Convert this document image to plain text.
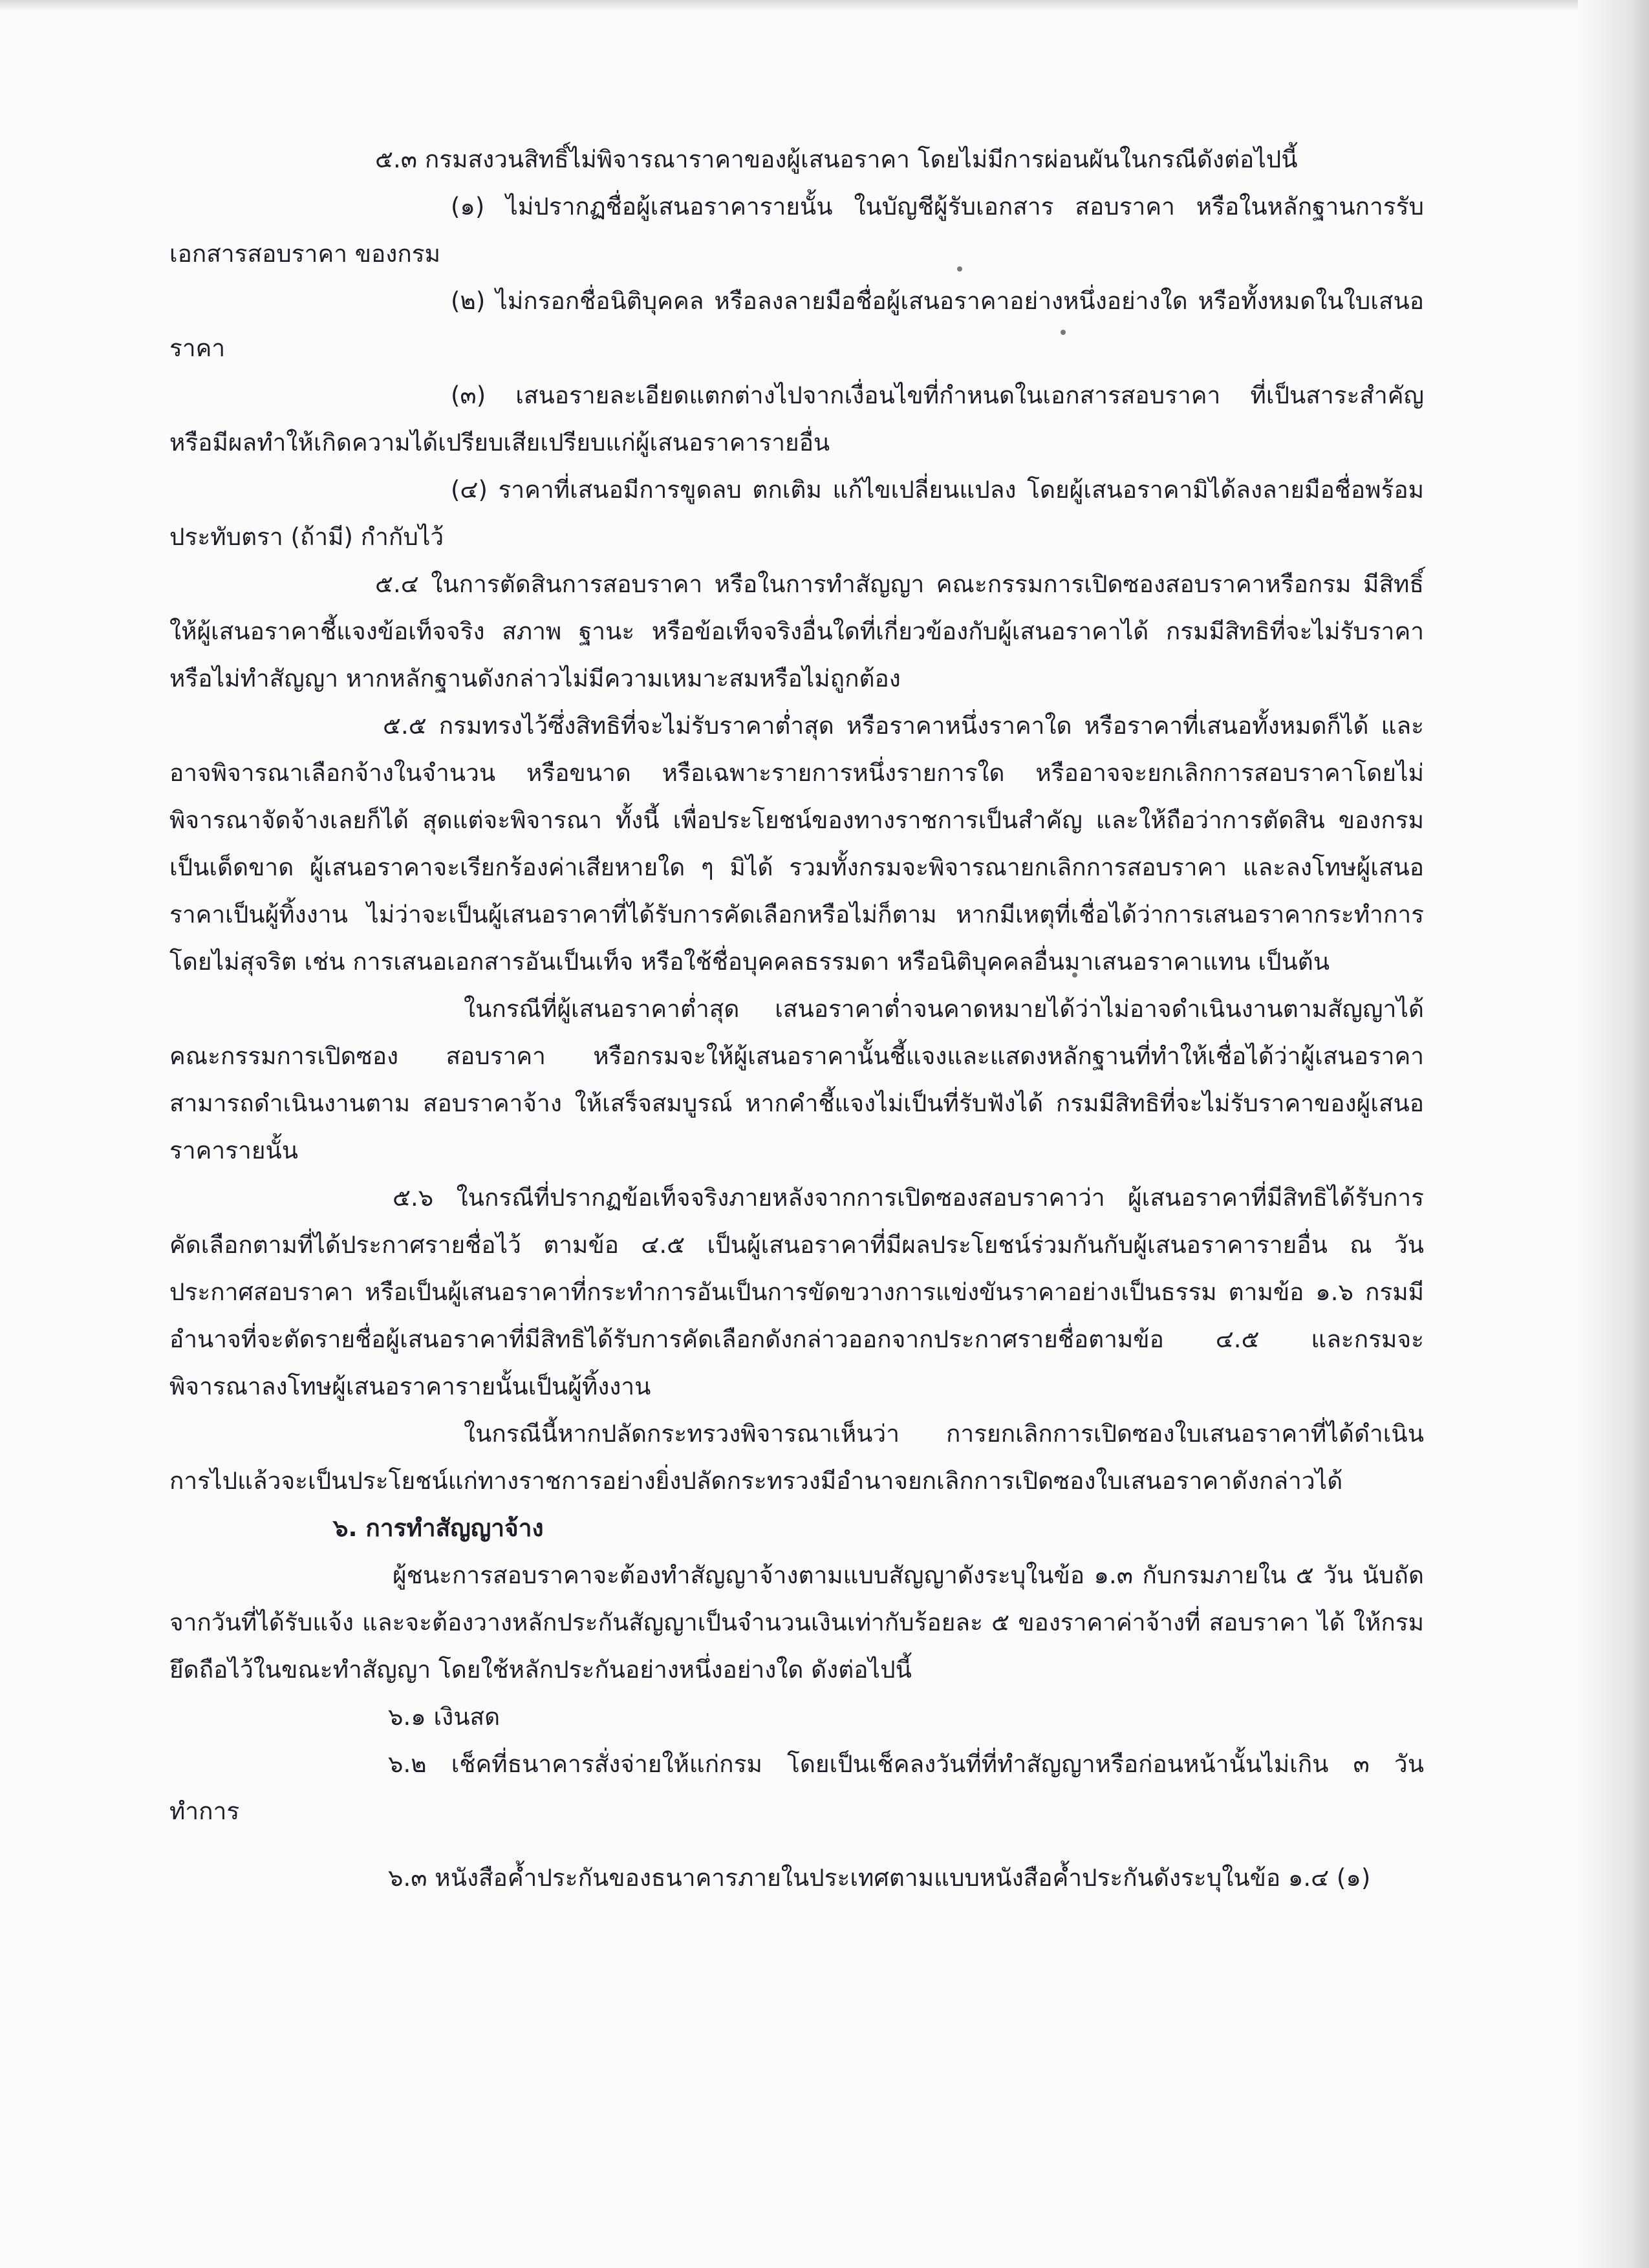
๕.๓ กรมสงวนสิทธิ์ไม่พิจารณาราคาของผู้เสนอราคา โดยไม่มีการผ่อนผันในกรณีดังต่อไปนี้

(๑) ไม่ปรากฏชื่อผู้เสนอราคารายนั้น ในบัญชีผู้รับเอกสาร สอบราคา หรือในหลักฐานการรับเอกสารสอบราคา ของกรม

(๒) ไม่กรอกชื่อนิติบุคคล หรือลงลายมือชื่อผู้เสนอราคาอย่างหนึ่งอย่างใด หรือทั้งหมดในใบเสนอราคา

(๓) เสนอรายละเอียดแตกต่างไปจากเงื่อนไขที่กำหนดในเอกสารสอบราคา ที่เป็นสาระสำคัญ หรือมีผลทำให้เกิดความได้เปรียบเสียเปรียบแก่ผู้เสนอราคารายอื่น

(๔) ราคาที่เสนอมีการขูดลบ ตกเติม แก้ไขเปลี่ยนแปลง โดยผู้เสนอราคามิได้ลงลายมือชื่อพร้อมประทับตรา (ถ้ามี) กำกับไว้

๕.๔ ในการตัดสินการสอบราคา หรือในการทำสัญญา คณะกรรมการเปิดซองสอบราคาหรือกรม มีสิทธิ์ให้ผู้เสนอราคาชี้แจงข้อเท็จจริง สภาพ ฐานะ หรือข้อเท็จจริงอื่นใดที่เกี่ยวข้องกับผู้เสนอราคาได้ กรมมีสิทธิที่จะไม่รับราคา หรือไม่ทำสัญญา หากหลักฐานดังกล่าวไม่มีความเหมาะสมหรือไม่ถูกต้อง

๕.๕ กรมทรงไว้ซึ่งสิทธิที่จะไม่รับราคาต่ำสุด หรือราคาหนึ่งราคาใด หรือราคาที่เสนอทั้งหมดก็ได้ และอาจพิจารณาเลือกจ้างในจำนวน หรือขนาด หรือเฉพาะรายการหนึ่งรายการใด หรืออาจจะยกเลิกการสอบราคาโดยไม่พิจารณาจัดจ้างเลยก็ได้ สุดแต่จะพิจารณา ทั้งนี้ เพื่อประโยชน์ของทางราชการเป็นสำคัญ และให้ถือว่าการตัดสิน ของกรมเป็นเด็ดขาด ผู้เสนอราคาจะเรียกร้องค่าเสียหายใด ๆ มิได้ รวมทั้งกรมจะพิจารณายกเลิกการสอบราคา และลงโทษผู้เสนอราคาเป็นผู้ทิ้งงาน ไม่ว่าจะเป็นผู้เสนอราคาที่ได้รับการคัดเลือกหรือไม่ก็ตาม หากมีเหตุที่เชื่อได้ว่าการเสนอราคากระทำการโดยไม่สุจริต เช่น การเสนอเอกสารอันเป็นเท็จ หรือใช้ชื่อบุคคลธรรมดา หรือนิติบุคคลอื่นมาเสนอราคาแทน เป็นต้น

ในกรณีที่ผู้เสนอราคาต่ำสุด เสนอราคาต่ำจนคาดหมายได้ว่าไม่อาจดำเนินงานตามสัญญาได้ คณะกรรมการเปิดซอง สอบราคา หรือกรมจะให้ผู้เสนอราคานั้นชี้แจงและแสดงหลักฐานที่ทำให้เชื่อได้ว่าผู้เสนอราคาสามารถดำเนินงานตาม สอบราคาจ้าง ให้เสร็จสมบูรณ์ หากคำชี้แจงไม่เป็นที่รับฟังได้ กรมมีสิทธิที่จะไม่รับราคาของผู้เสนอราคารายนั้น

๕.๖ ในกรณีที่ปรากฏข้อเท็จจริงภายหลังจากการเปิดซองสอบราคาว่า ผู้เสนอราคาที่มีสิทธิได้รับการคัดเลือกตามที่ได้ประกาศรายชื่อไว้ ตามข้อ ๔.๕ เป็นผู้เสนอราคาที่มีผลประโยชน์ร่วมกันกับผู้เสนอราคารายอื่น ณ วันประกาศสอบราคา หรือเป็นผู้เสนอราคาที่กระทำการอันเป็นการขัดขวางการแข่งขันราคาอย่างเป็นธรรม ตามข้อ ๑.๖ กรมมีอำนาจที่จะตัดรายชื่อผู้เสนอราคาที่มีสิทธิได้รับการคัดเลือกดังกล่าวออกจากประกาศรายชื่อตามข้อ ๔.๕ และกรมจะพิจารณาลงโทษผู้เสนอราคารายนั้นเป็นผู้ทิ้งงาน

ในกรณีนี้หากปลัดกระทรวงพิจารณาเห็นว่า การยกเลิกการเปิดซองใบเสนอราคาที่ได้ดำเนินการไปแล้วจะเป็นประโยชน์แก่ทางราชการอย่างยิ่งปลัดกระทรวงมีอำนาจยกเลิกการเปิดซองใบเสนอราคาดังกล่าวได้

๖. การทำสัญญาจ้าง

ผู้ชนะการสอบราคาจะต้องทำสัญญาจ้างตามแบบสัญญาดังระบุในข้อ ๑.๓ กับกรมภายใน ๕ วัน นับถัดจากวันที่ได้รับแจ้ง และจะต้องวางหลักประกันสัญญาเป็นจำนวนเงินเท่ากับร้อยละ ๕ ของราคาค่าจ้างที่ สอบราคา ได้ ให้กรมยึดถือไว้ในขณะทำสัญญา โดยใช้หลักประกันอย่างหนึ่งอย่างใด ดังต่อไปนี้

๖.๑ เงินสด

๖.๒ เช็คที่ธนาคารสั่งจ่ายให้แก่กรม โดยเป็นเช็คลงวันที่ที่ทำสัญญาหรือก่อนหน้านั้นไม่เกิน ๓ วันทำการ

๖.๓ หนังสือค้ำประกันของธนาคารภายในประเทศตามแบบหนังสือค้ำประกันดังระบุในข้อ ๑.๔ (๑)
